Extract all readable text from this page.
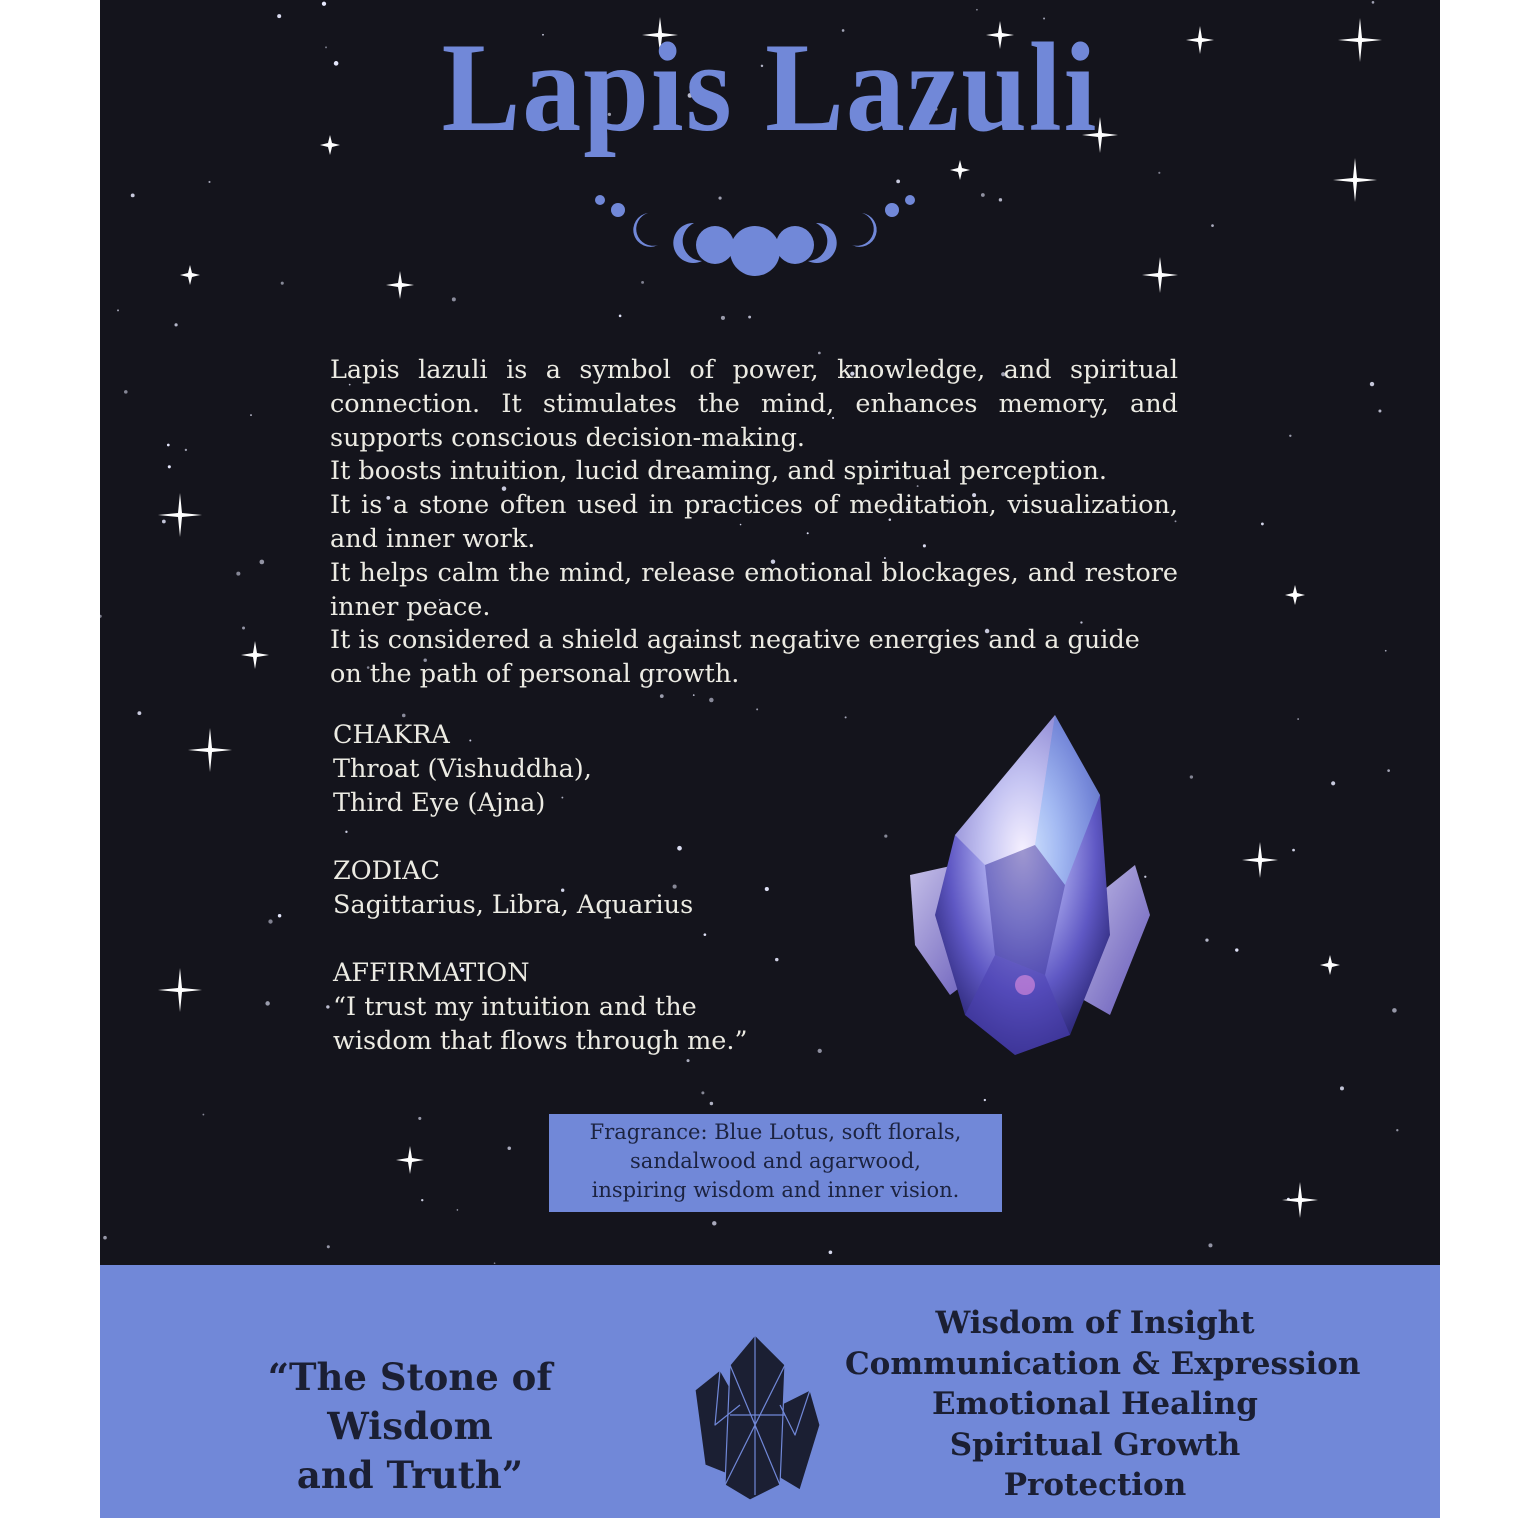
Lapis Lazuli

Lapis lazuli is a symbol of power, knowledge, and spiritual connection. It stimulates the mind, enhances memory, and supports conscious decision-making.

It boosts intuition, lucid dreaming, and spiritual perception.

It is a stone often used in practices of meditation, visualization, and inner work.

It helps calm the mind, release emotional blockages, and restore inner peace.

It is considered a shield against negative energies and a guide on the path of personal growth.

CHAKRA
Throat (Vishuddha),
Third Eye (Ajna)
ZODIAC
Sagittarius, Libra, Aquarius
AFFIRMATION
“I trust my intuition and the
wisdom that flows through me.”
Fragrance: Blue Lotus, soft florals,
sandalwood and agarwood,
inspiring wisdom and inner vision.
“The Stone of Wisdom
and Truth”
Wisdom of Insight
Communication & Expression
Emotional Healing
Spiritual Growth
Protection
